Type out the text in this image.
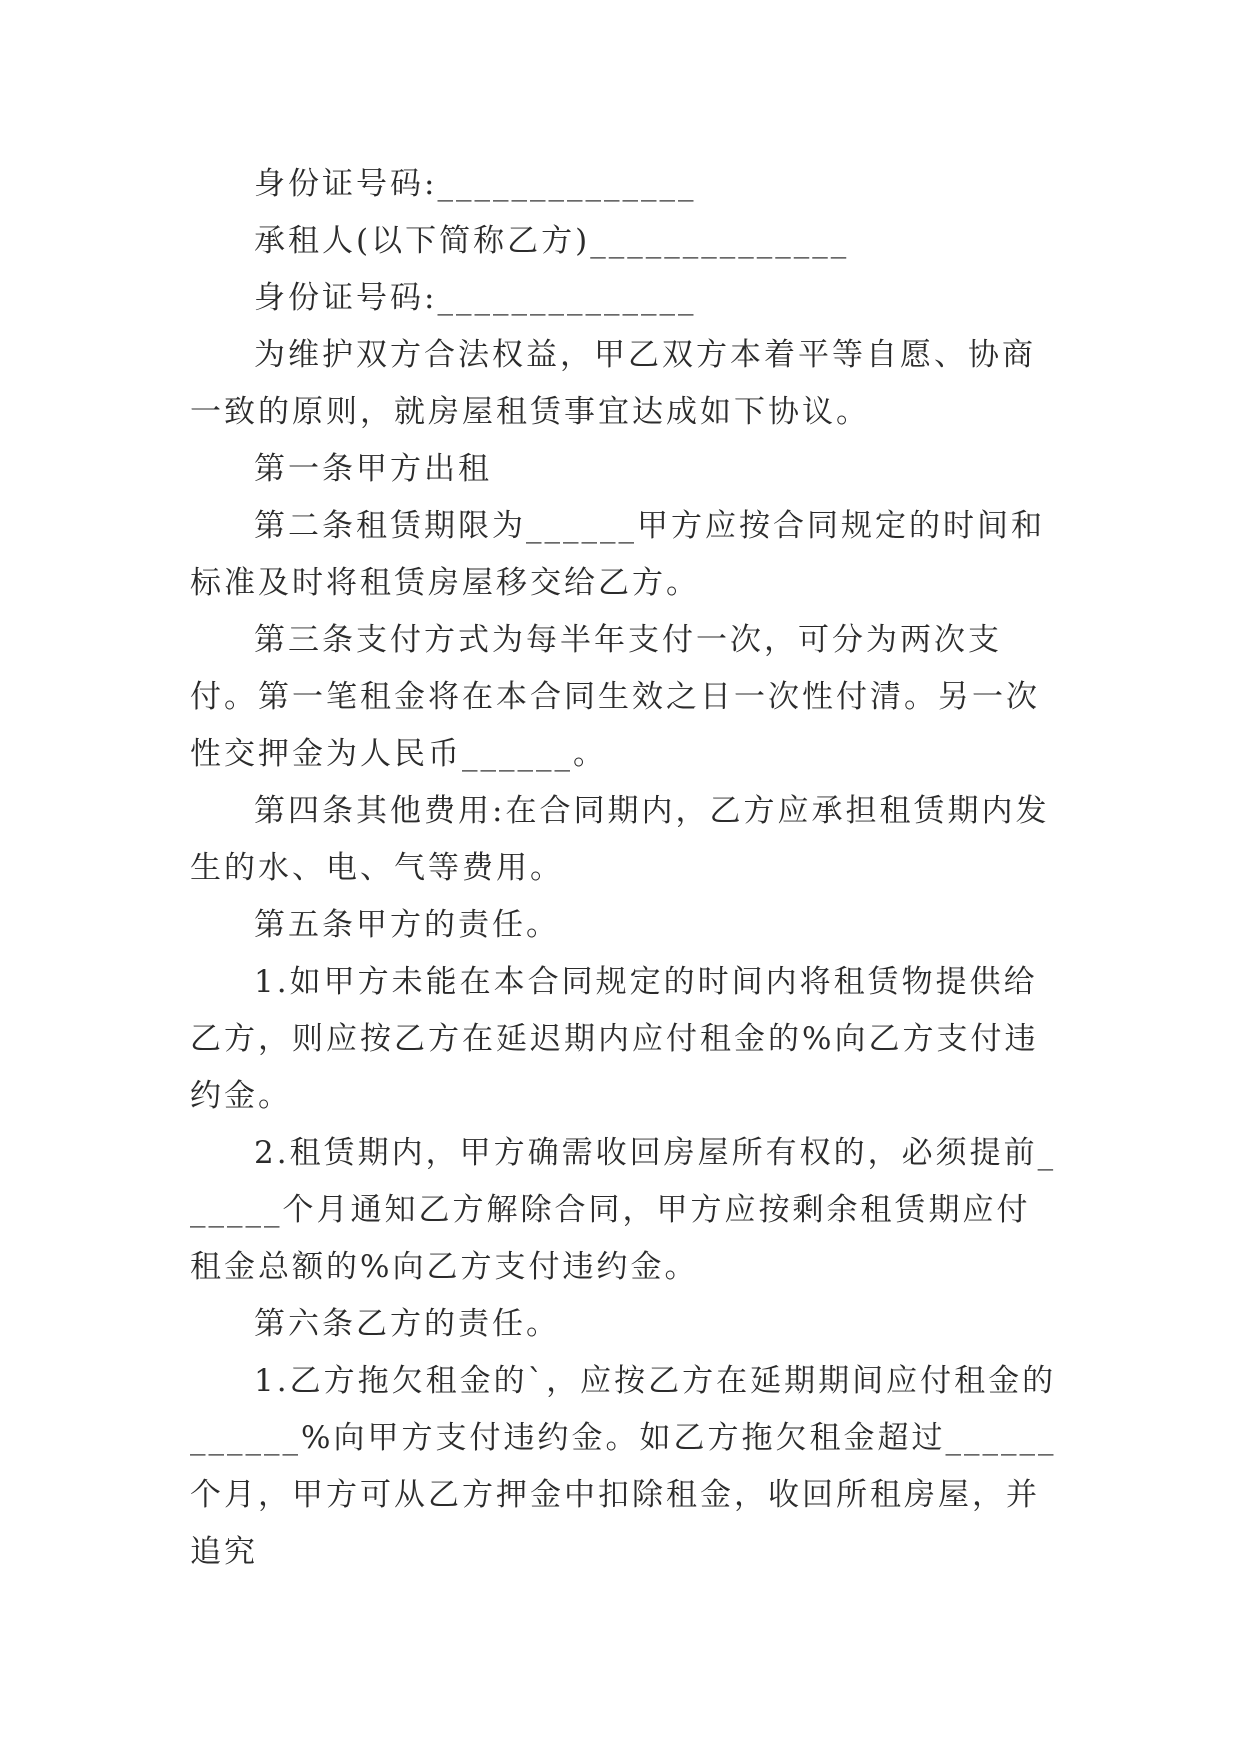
身份证号码:______________

承租人(以下简称乙方)______________

身份证号码:______________

为维护双方合法权益，甲乙双方本着平等自愿、协商一致的原则，就房屋租赁事宜达成如下协议。

第一条甲方出租

第二条租赁期限为______甲方应按合同规定的时间和标准及时将租赁房屋移交给乙方。

第三条支付方式为每半年支付一次，可分为两次支付。第一笔租金将在本合同生效之日一次性付清。另一次性交押金为人民币______。

第四条其他费用:在合同期内，乙方应承担租赁期内发生的水、电、气等费用。

第五条甲方的责任。

1.如甲方未能在本合同规定的时间内将租赁物提供给乙方，则应按乙方在延迟期内应付租金的%向乙方支付违约金。

2.租赁期内，甲方确需收回房屋所有权的，必须提前______个月通知乙方解除合同，甲方应按剩余租赁期应付租金总额的%向乙方支付违约金。

第六条乙方的责任。

1.乙方拖欠租金的`，应按乙方在延期期间应付租金的______%向甲方支付违约金。如乙方拖欠租金超过______个月，甲方可从乙方押金中扣除租金，收回所租房屋，并追究
